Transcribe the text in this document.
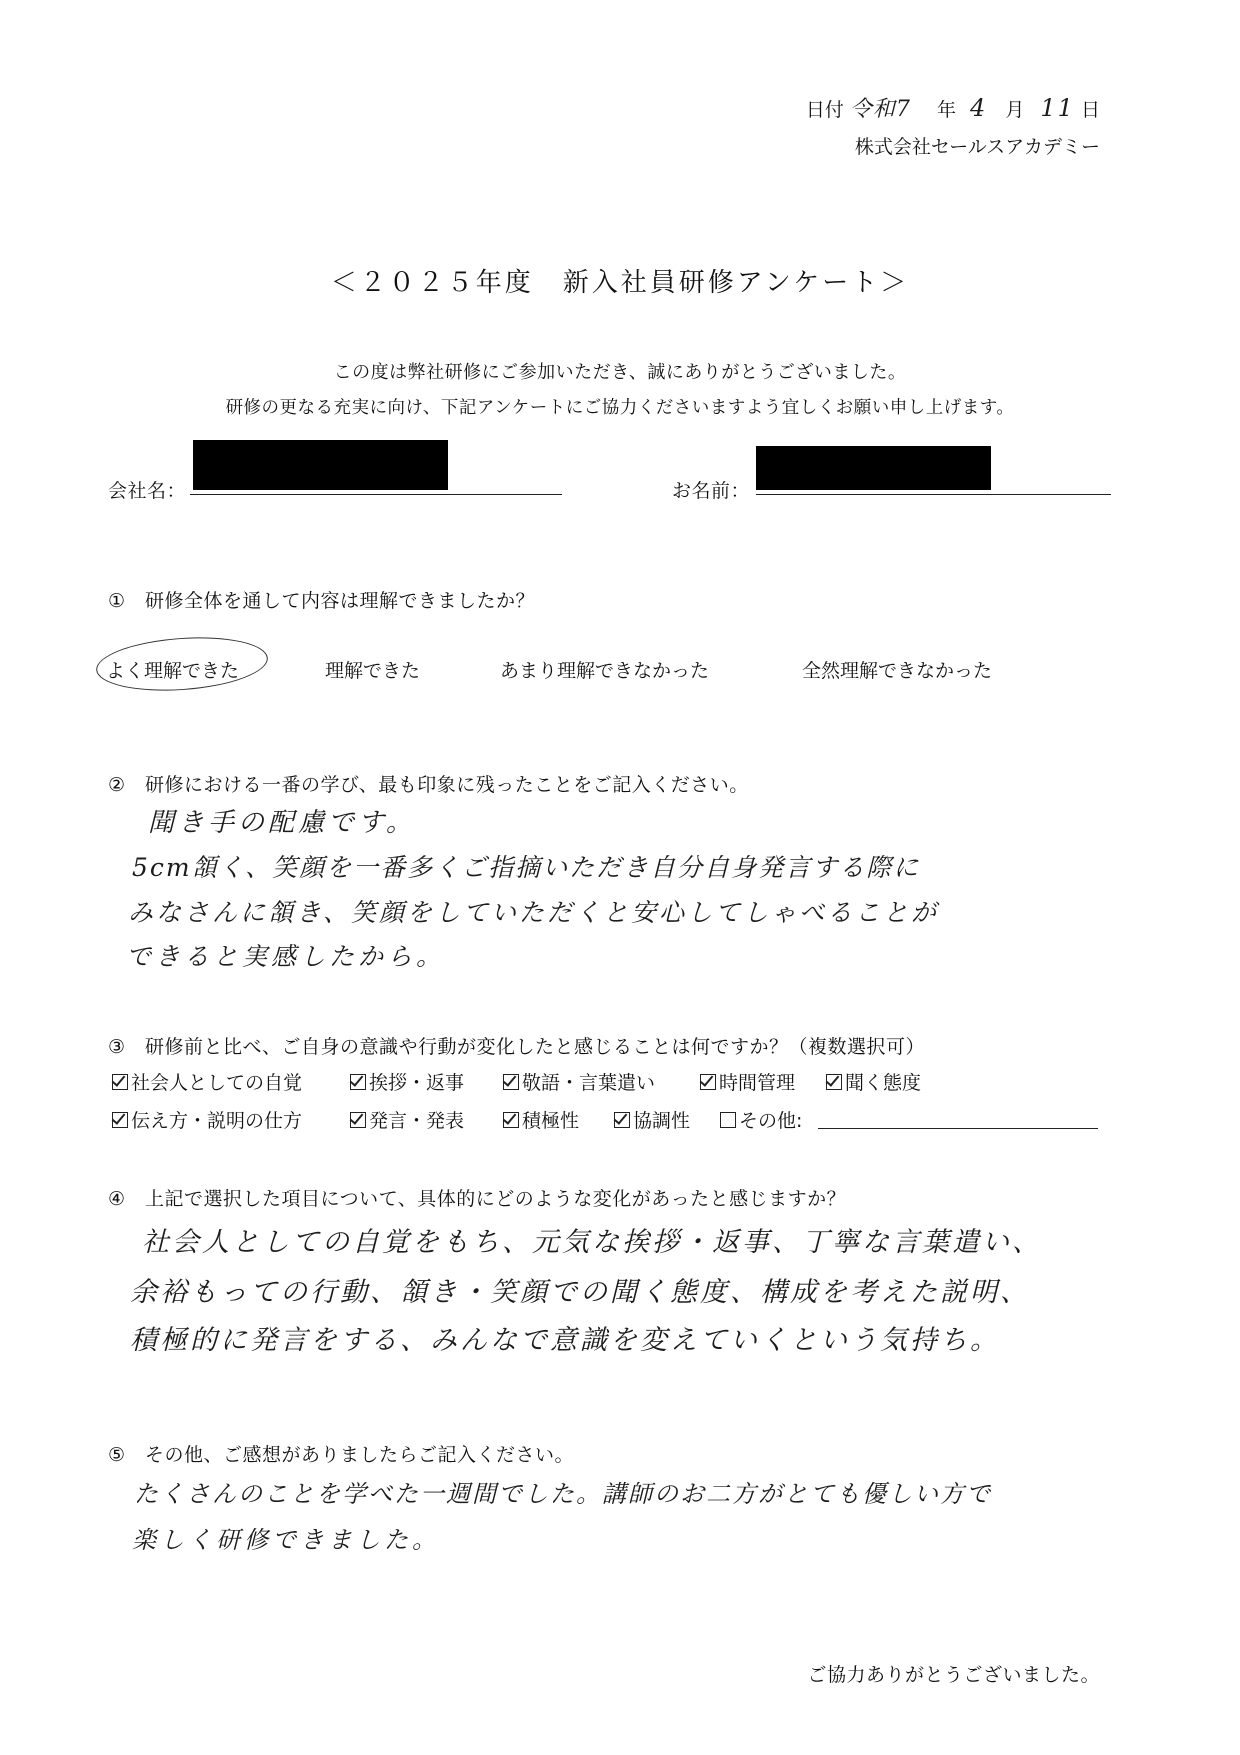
日付 令和7 年 4 月 11 日
株式会社セールスアカデミー
＜２０２５年度　新入社員研修アンケート＞
この度は弊社研修にご参加いただき、誠にありがとうございました。
研修の更なる充実に向け、下記アンケートにご協力くださいますよう宜しくお願い申し上げます。
会社名：	お名前：
①　研修全体を通して内容は理解できましたか？
よく理解できた	理解できた	あまり理解できなかった	全然理解できなかった
②　研修における一番の学び、最も印象に残ったことをご記入ください。
聞き手の配慮です。
5cm頷く、笑顔を一番多くご指摘いただき自分自身発言する際に
みなさんに頷き、笑顔をしていただくと安心してしゃべることが
できると実感したから。
③　研修前と比べ、ご自身の意識や行動が変化したと感じることは何ですか？（複数選択可）
社会人としての自覚	挨拶・返事	敬語・言葉遣い	時間管理	聞く態度
伝え方・説明の仕方	発言・発表	積極性	協調性	その他:
④　上記で選択した項目について、具体的にどのような変化があったと感じますか？
社会人としての自覚をもち、元気な挨拶・返事、丁寧な言葉遣い、
余裕もっての行動、頷き・笑顔での聞く態度、構成を考えた説明、
積極的に発言をする、みんなで意識を変えていくという気持ち。
⑤　その他、ご感想がありましたらご記入ください。
たくさんのことを学べた一週間でした。講師のお二方がとても優しい方で
楽しく研修できました。
ご協力ありがとうございました。
